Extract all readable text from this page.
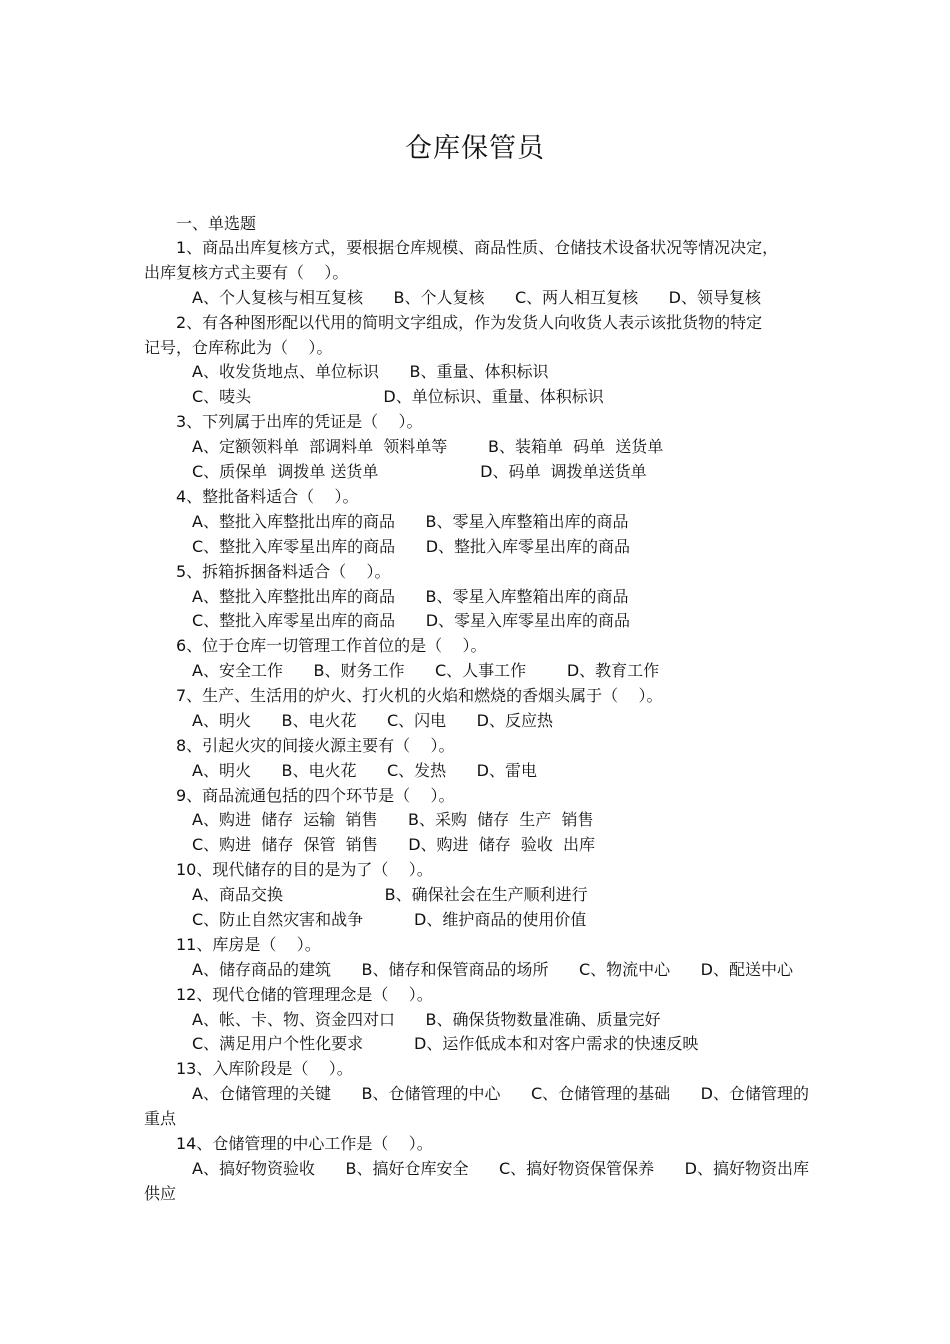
仓库保管员
一、单选题
1、商品出库复核方式，要根据仓库规模、商品性质、仓储技术设备状况等情况决定，
出库复核方式主要有（    ）。
A、个人复核与相互复核      B、个人复核      C、两人相互复核      D、领导复核
2、有各种图形配以代用的简明文字组成，作为发货人向收货人表示该批货物的特定
记号，仓库称此为（    ）。
A、收发货地点、单位标识      B、重量、体积标识
C、唛头                          D、单位标识、重量、体积标识
3、下列属于出库的凭证是（    ）。
A、定额领料单  部调料单  领料单等        B、装箱单  码单  送货单
C、质保单  调拨单 送货单                    D、码单  调拨单送货单
4、整批备料适合（    ）。
A、整批入库整批出库的商品      B、零星入库整箱出库的商品
C、整批入库零星出库的商品      D、整批入库零星出库的商品
5、拆箱拆捆备料适合（    ）。
A、整批入库整批出库的商品      B、零星入库整箱出库的商品
C、整批入库零星出库的商品      D、零星入库零星出库的商品
6、位于仓库一切管理工作首位的是（    ）。
A、安全工作      B、财务工作      C、人事工作        D、教育工作
7、生产、生活用的炉火、打火机的火焰和燃烧的香烟头属于（    ）。
A、明火      B、电火花      C、闪电      D、反应热
8、引起火灾的间接火源主要有（    ）。
A、明火      B、电火花      C、发热      D、雷电
9、商品流通包括的四个环节是（    ）。
A、购进  储存  运输  销售      B、采购  储存  生产  销售
C、购进  储存  保管  销售      D、购进  储存  验收  出库
10、现代储存的目的是为了（    ）。
A、商品交换                    B、确保社会在生产顺利进行
C、防止自然灾害和战争          D、维护商品的使用价值
11、库房是（    ）。
A、储存商品的建筑      B、储存和保管商品的场所      C、物流中心      D、配送中心
12、现代仓储的管理理念是（    ）。
A、帐、卡、物、资金四对口      B、确保货物数量准确、质量完好
C、满足用户个性化要求          D、运作低成本和对客户需求的快速反映
13、入库阶段是（    ）。
A、仓储管理的关键      B、仓储管理的中心      C、仓储管理的基础      D、仓储管理的
重点
14、仓储管理的中心工作是（    ）。
A、搞好物资验收      B、搞好仓库安全      C、搞好物资保管保养      D、搞好物资出库
供应
